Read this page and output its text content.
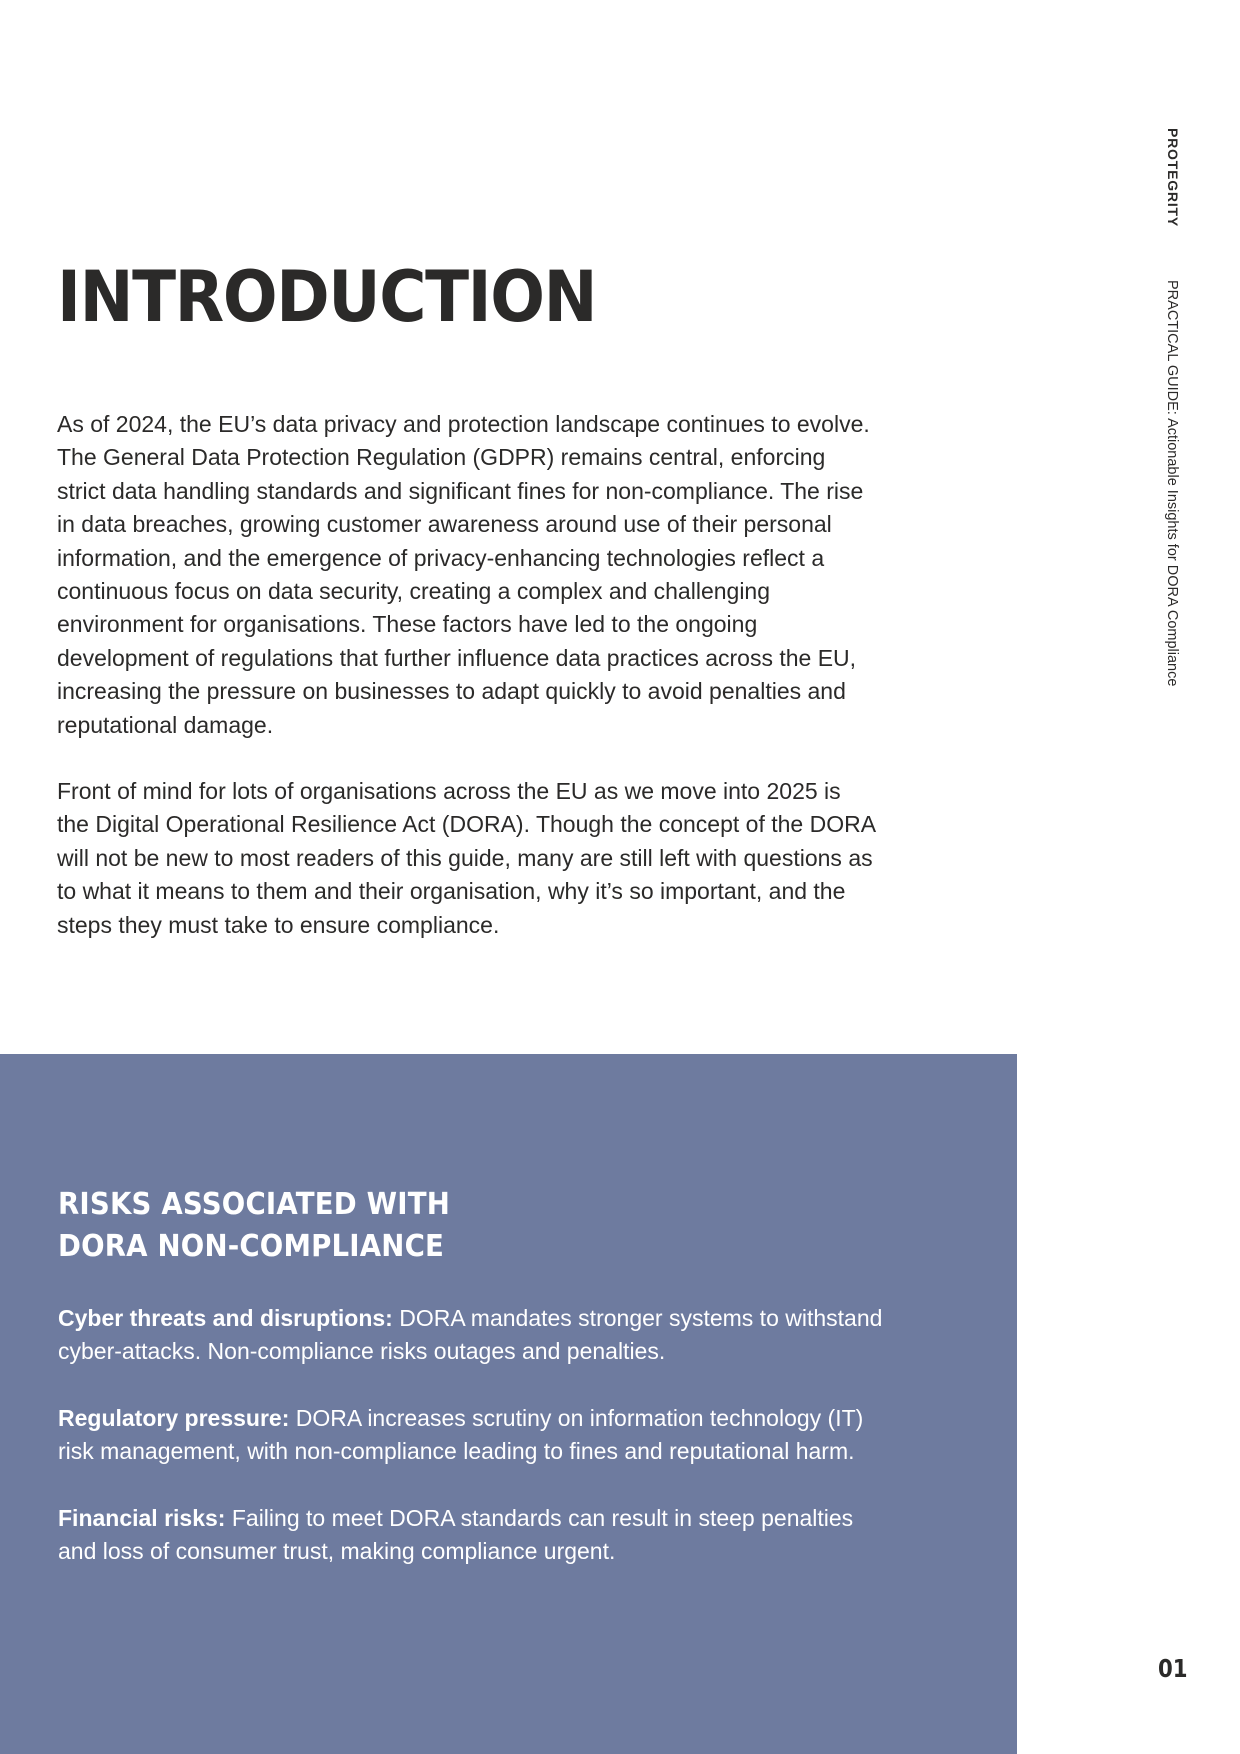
PROTEGRITYPRACTICAL GUIDE: Actionable Insights for DORA Compliance
INTRODUCTION

As of 2024, the EU’s data privacy and protection landscape continues to evolve. The General Data Protection Regulation (GDPR) remains central, enforcing strict data handling standards and significant fines for non-compliance. The rise in data breaches, growing customer awareness around use of their personal information, and the emergence of privacy-enhancing technologies reflect a continuous focus on data security, creating a complex and challenging environment for organisations. These factors have led to the ongoing development of regulations that further influence data practices across the EU, increasing the pressure on businesses to adapt quickly to avoid penalties and reputational damage.

Front of mind for lots of organisations across the EU as we move into 2025 is the Digital Operational Resilience Act (DORA). Though the concept of the DORA will not be new to most readers of this guide, many are still left with questions as to what it means to them and their organisation, why it’s so important, and the steps they must take to ensure compliance.

RISKS ASSOCIATED WITH
DORA NON-COMPLIANCE

Cyber threats and disruptions: DORA mandates stronger systems to withstand cyber-attacks. Non-compliance risks outages and penalties.

Regulatory pressure: DORA increases scrutiny on information technology (IT) risk management, with non-compliance leading to fines and reputational harm.

Financial risks: Failing to meet DORA standards can result in steep penalties and loss of consumer trust, making compliance urgent.

01
